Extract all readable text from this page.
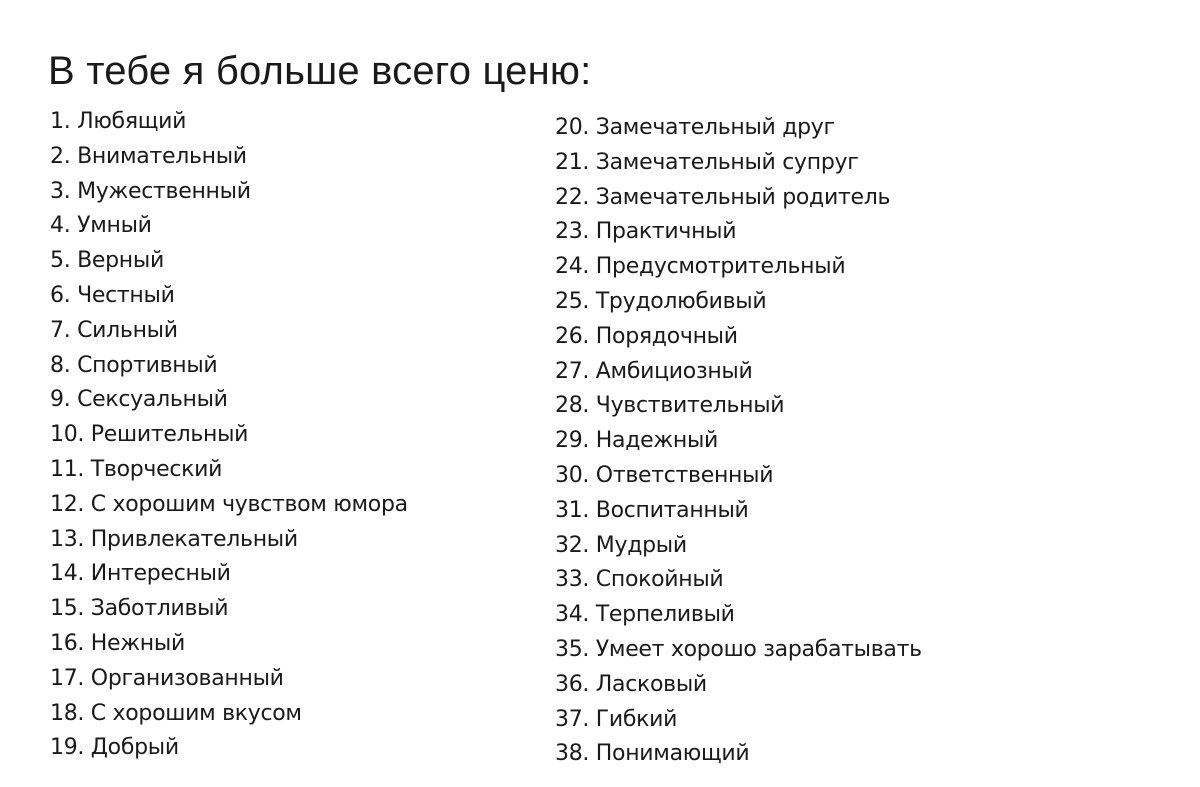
В тебе я больше всего ценю:
1. Любящий
2. Внимательный
3. Мужественный
4. Умный
5. Верный
6. Честный
7. Сильный
8. Спортивный
9. Сексуальный
10. Решительный
11. Творческий
12. С хорошим чувством юмора
13. Привлекательный
14. Интересный
15. Заботливый
16. Нежный
17. Организованный
18. С хорошим вкусом
19. Добрый
20. Замечательный друг
21. Замечательный супруг
22. Замечательный родитель
23. Практичный
24. Предусмотрительный
25. Трудолюбивый
26. Порядочный
27. Амбициозный
28. Чувствительный
29. Надежный
30. Ответственный
31. Воспитанный
32. Мудрый
33. Спокойный
34. Терпеливый
35. Умеет хорошо зарабатывать
36. Ласковый
37. Гибкий
38. Понимающий
